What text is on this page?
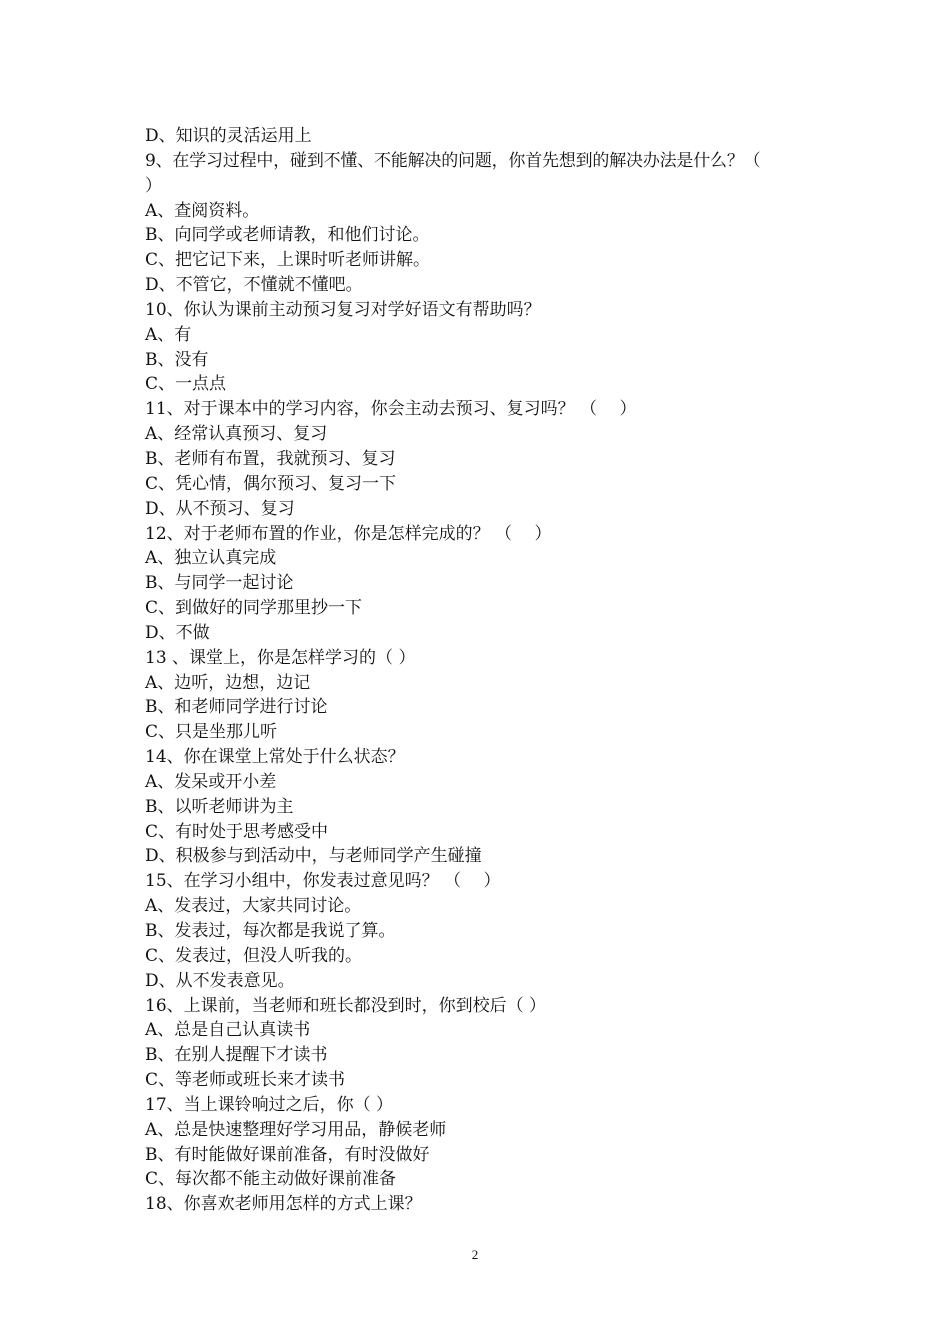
D、知识的灵活运用上
9、在学习过程中，碰到不懂、不能解决的问题，你首先想到的解决办法是什么？（
）
A、查阅资料。
B、向同学或老师请教，和他们讨论。
C、把它记下来，上课时听老师讲解。
D、不管它，不懂就不懂吧。
10、你认为课前主动预习复习对学好语文有帮助吗？
A、有
B、没有
C、一点点
11、对于课本中的学习内容，你会主动去预习、复习吗？ （　 ）
A、经常认真预习、复习
B、老师有布置，我就预习、复习
C、凭心情，偶尔预习、复习一下
D、从不预习、复习
12、对于老师布置的作业，你是怎样完成的？ （　 ）
A、独立认真完成
B、与同学一起讨论
C、到做好的同学那里抄一下
D、不做
13 、课堂上，你是怎样学习的（ ）
A、边听，边想，边记
B、和老师同学进行讨论
C、只是坐那儿听
14、你在课堂上常处于什么状态？
A、发呆或开小差
B、以听老师讲为主
C、有时处于思考感受中
D、积极参与到活动中，与老师同学产生碰撞
15、在学习小组中，你发表过意见吗？ （　 ）
A、发表过，大家共同讨论。
B、发表过，每次都是我说了算。
C、发表过，但没人听我的。
D、从不发表意见。
16、上课前，当老师和班长都没到时，你到校后（ ）
A、总是自己认真读书
B、在别人提醒下才读书
C、等老师或班长来才读书
17、当上课铃响过之后，你（ ）
A、总是快速整理好学习用品，静候老师
B、有时能做好课前准备，有时没做好
C、每次都不能主动做好课前准备
18、你喜欢老师用怎样的方式上课？
2
